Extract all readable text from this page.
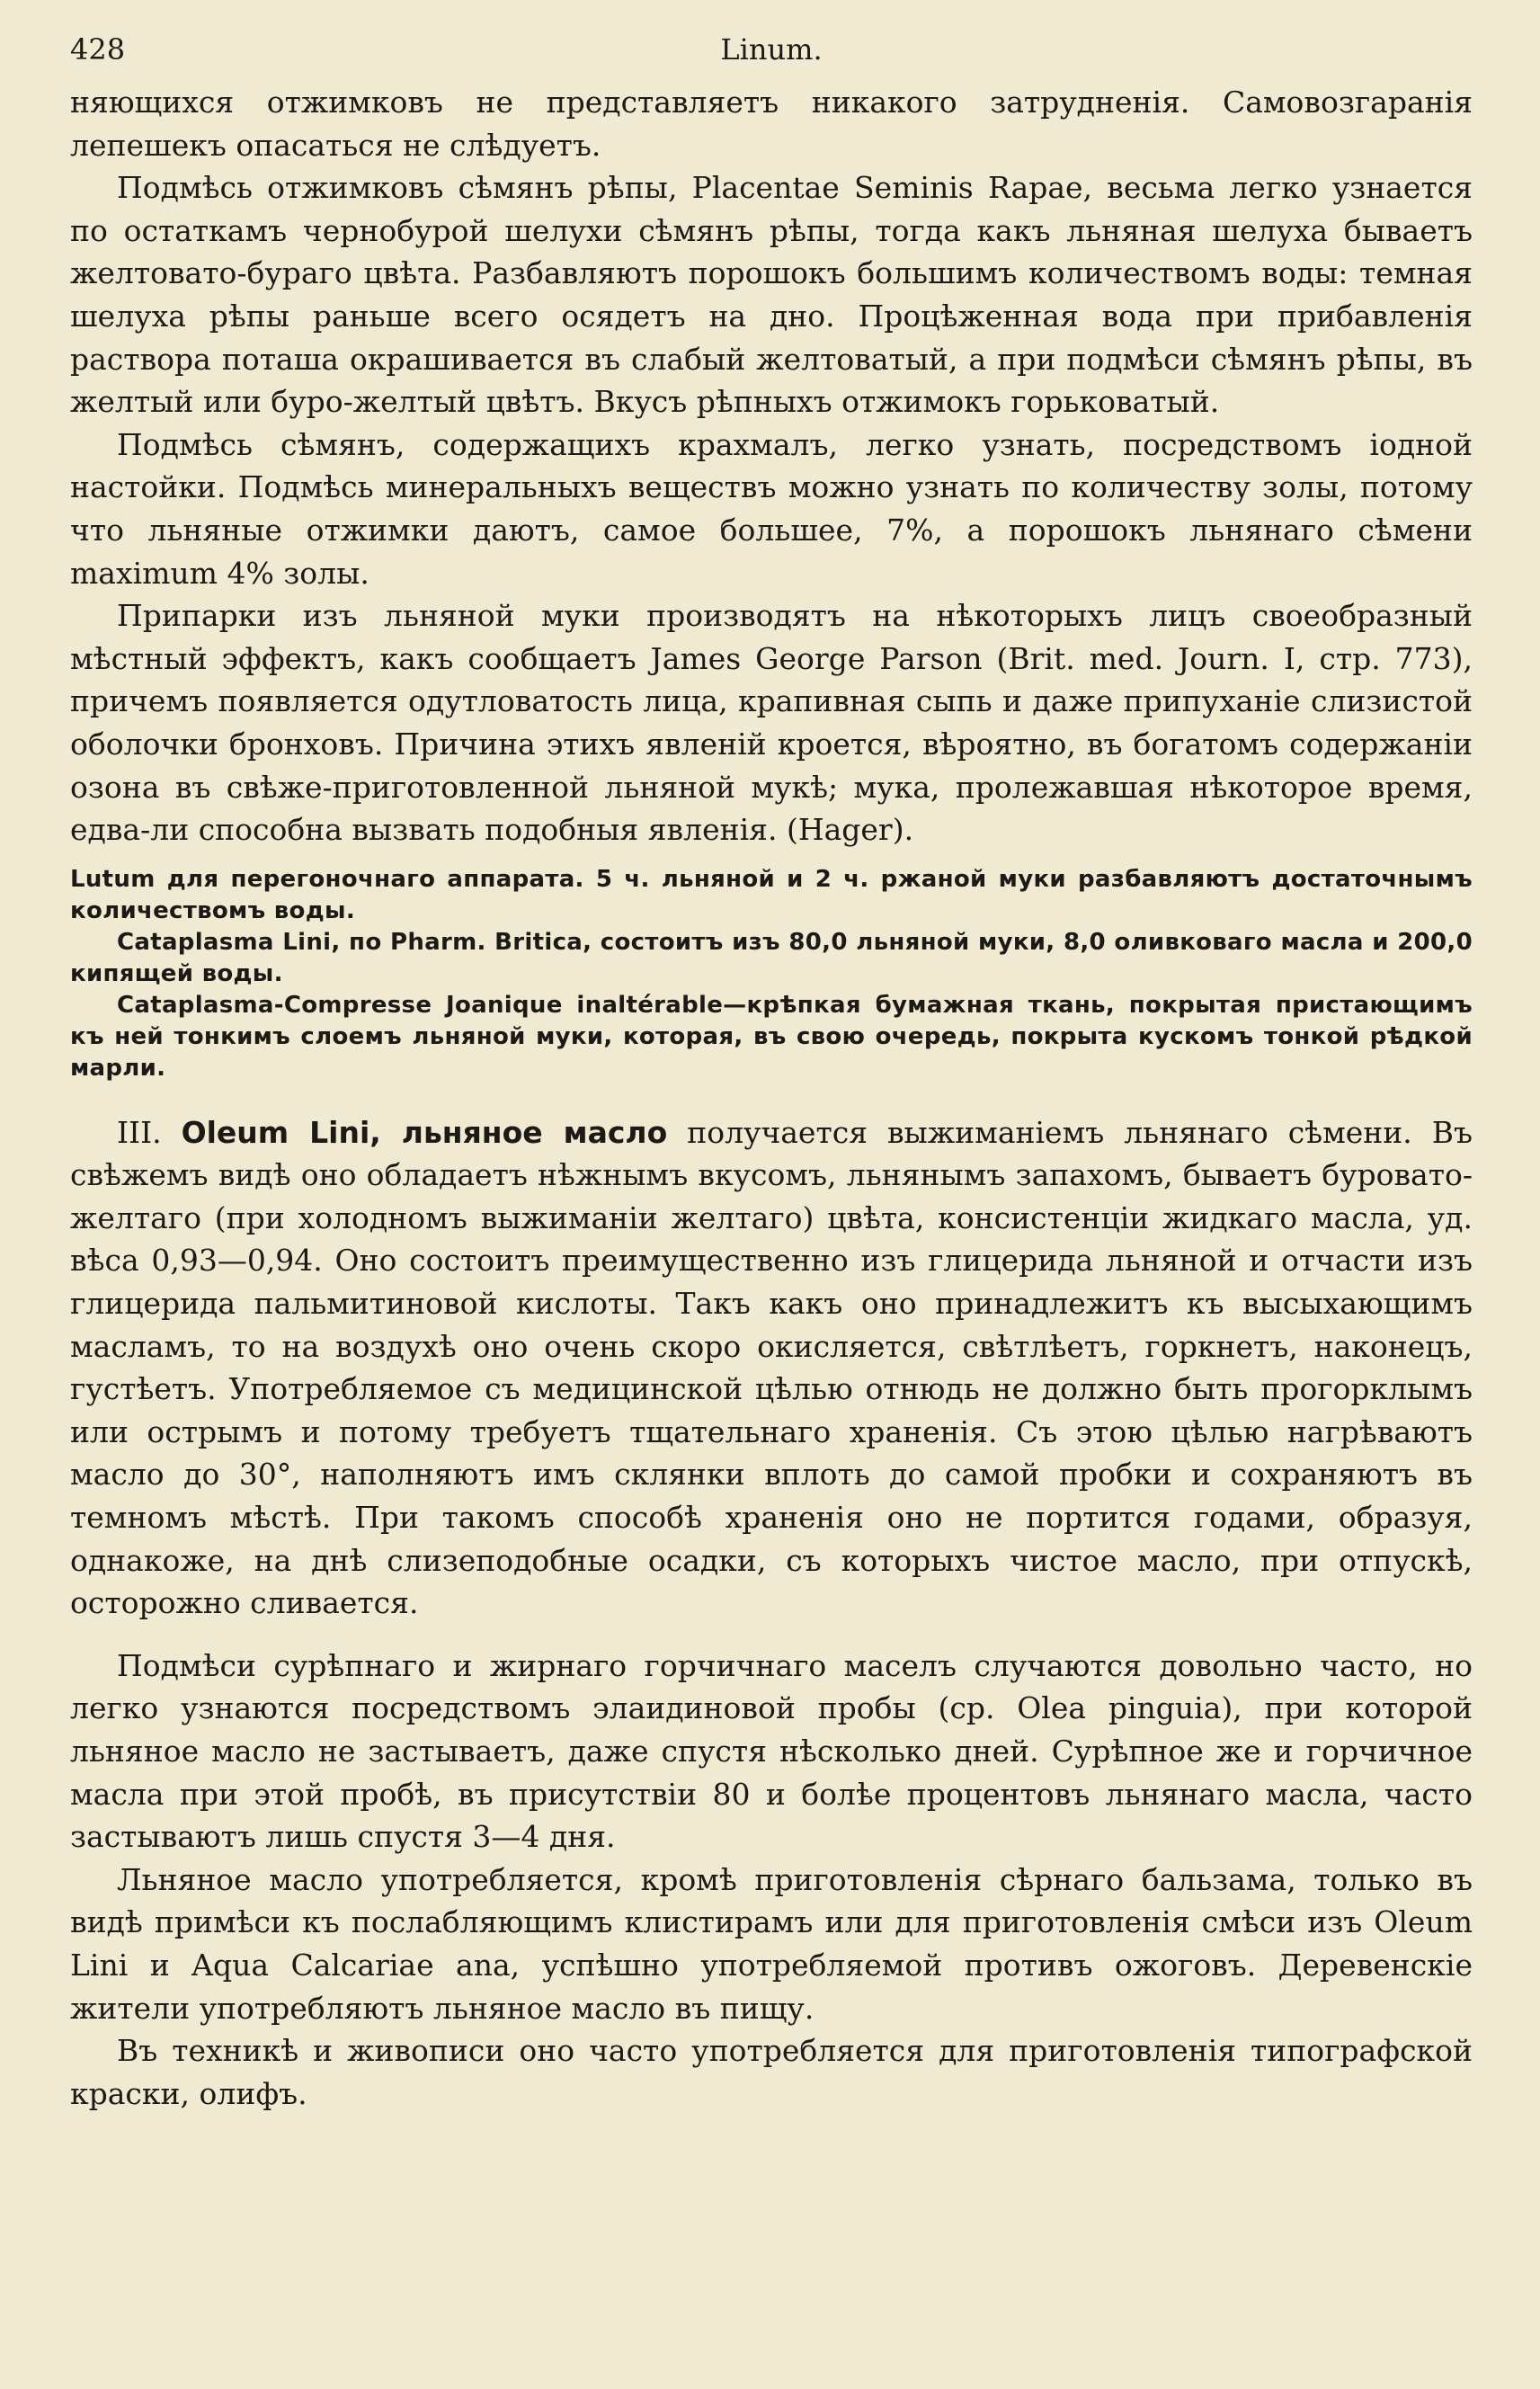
428	Linum.

няющихся отжимковъ не представляетъ никакого затрудненія. Самовозгаранія лепешекъ опасаться не слѣдуетъ.

Подмѣсь отжимковъ сѣмянъ рѣпы, Placentae Seminis Rapae, весьма легко узнается по остаткамъ чернобурой шелухи сѣмянъ рѣпы, тогда какъ льняная шелуха бываетъ желтовато-бураго цвѣта. Разбавляютъ порошокъ большимъ количествомъ воды: темная шелуха рѣпы раньше всего осядетъ на дно. Процѣженная вода при прибавленія раствора поташа окрашивается въ слабый желтоватый, а при подмѣси сѣмянъ рѣпы, въ желтый или буро-желтый цвѣтъ. Вкусъ рѣпныхъ отжимокъ горьковатый.

Подмѣсь сѣмянъ, содержащихъ крахмалъ, легко узнать, посредствомъ іодной настойки. Подмѣсь минеральныхъ веществъ можно узнать по количеству золы, потому что льняные отжимки даютъ, самое большее, 7%, а порошокъ льнянаго сѣмени maximum 4% золы.

Припарки изъ льняной муки производятъ на нѣкоторыхъ лицъ своеобразный мѣстный эффектъ, какъ сообщаетъ James George Parson (Brit. med. Journ. I, стр. 773), причемъ появляется одутловатость лица, крапивная сыпь и даже припуханіе слизистой оболочки бронховъ. Причина этихъ явленій кроется, вѣроятно, въ богатомъ содержаніи озона въ свѣже-приготовленной льняной мукѣ; мука, пролежавшая нѣкоторое время, едва-ли способна вызвать подобныя явленія. (Hager).

Lutum для перегоночнаго аппарата. 5 ч. льняной и 2 ч. ржаной муки разбавляютъ достаточнымъ количествомъ воды.

Cataplasma Lini, по Pharm. Britica, состоитъ изъ 80,0 льняной муки, 8,0 оливковаго масла и 200,0 кипящей воды.

Cataplasma-Compresse Joanique inaltérable—крѣпкая бумажная ткань, покрытая пристающимъ къ ней тонкимъ слоемъ льняной муки, которая, въ свою очередь, покрыта кускомъ тонкой рѣдкой марли.

III. Oleum Lini, льняное масло получается выжиманіемъ льнянаго сѣмени. Въ свѣжемъ видѣ оно обладаетъ нѣжнымъ вкусомъ, льнянымъ запахомъ, бываетъ буровато-желтаго (при холодномъ выжиманіи желтаго) цвѣта, консистенціи жидкаго масла, уд. вѣса 0,93—0,94. Оно состоитъ преимущественно изъ глицерида льняной и отчасти изъ глицерида пальмитиновой кислоты. Такъ какъ оно принадлежитъ къ высыхающимъ масламъ, то на воздухѣ оно очень скоро окисляется, свѣтлѣетъ, горкнетъ, наконецъ, густѣетъ. Употребляемое съ медицинской цѣлью отнюдь не должно быть прогорклымъ или острымъ и потому требуетъ тщательнаго храненія. Съ этою цѣлью нагрѣваютъ масло до 30°, наполняютъ имъ склянки вплоть до самой пробки и сохраняютъ въ темномъ мѣстѣ. При такомъ способѣ храненія оно не портится годами, образуя, однакоже, на днѣ слизеподобные осадки, съ которыхъ чистое масло, при отпускѣ, осторожно сливается.

Подмѣси сурѣпнаго и жирнаго горчичнаго маселъ случаются довольно часто, но легко узнаются посредствомъ элаидиновой пробы (ср. Olea pinguia), при которой льняное масло не застываетъ, даже спустя нѣсколько дней. Сурѣпное же и горчичное масла при этой пробѣ, въ присутствіи 80 и болѣе процентовъ льнянаго масла, часто застываютъ лишь спустя 3—4 дня.

Льняное масло употребляется, кромѣ приготовленія сѣрнаго бальзама, только въ видѣ примѣси къ послабляющимъ клистирамъ или для приготовленія смѣси изъ Oleum Lini и Aqua Calcariae ana, успѣшно употребляемой противъ ожоговъ. Деревенскіе жители употребляютъ льняное масло въ пищу.

Въ техникѣ и живописи оно часто употребляется для приготовленія типографской краски, олифъ.
